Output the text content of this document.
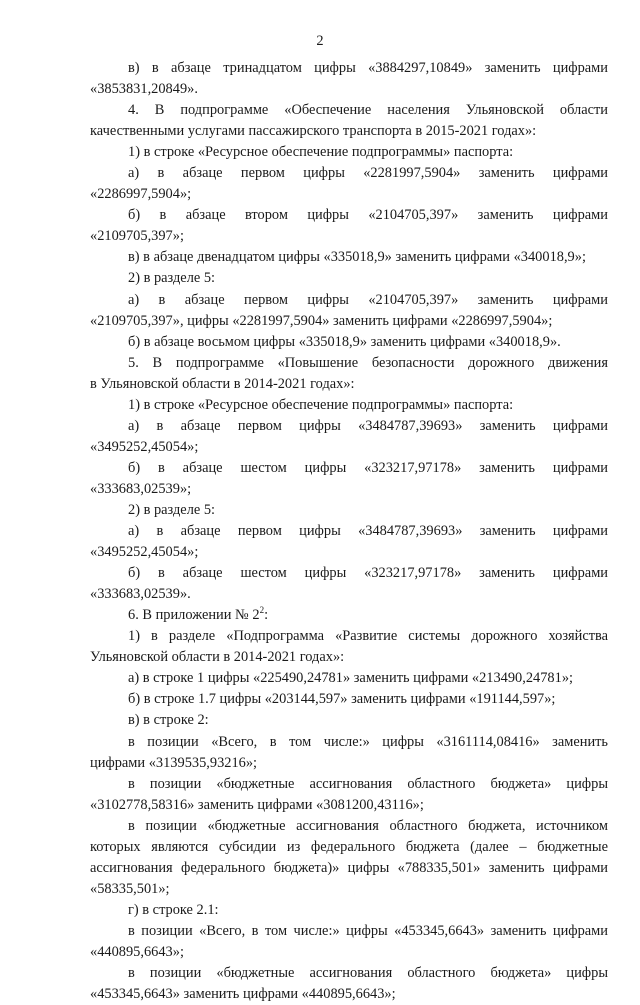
2
в) в абзаце тринадцатом цифры «3884297,10849» заменить цифрами
«3853831,20849».
4. В подпрограмме «Обеспечение населения Ульяновской области
качественными услугами пассажирского транспорта в 2015-2021 годах»:
1) в строке «Ресурсное обеспечение подпрограммы» паспорта:
а) в абзаце первом цифры «2281997,5904» заменить цифрами
«2286997,5904»;
б) в абзаце втором цифры «2104705,397» заменить цифрами
«2109705,397»;
в) в абзаце двенадцатом цифры «335018,9» заменить цифрами «340018,9»;
2) в разделе 5:
а) в абзаце первом цифры «2104705,397» заменить цифрами
«2109705,397», цифры «2281997,5904» заменить цифрами «2286997,5904»;
б) в абзаце восьмом цифры «335018,9» заменить цифрами «340018,9».
5. В подпрограмме «Повышение безопасности дорожного движения
в Ульяновской области в 2014-2021 годах»:
1) в строке «Ресурсное обеспечение подпрограммы» паспорта:
а) в абзаце первом цифры «3484787,39693» заменить цифрами
«3495252,45054»;
б) в абзаце шестом цифры «323217,97178» заменить цифрами
«333683,02539»;
2) в разделе 5:
а) в абзаце первом цифры «3484787,39693» заменить цифрами
«3495252,45054»;
б) в абзаце шестом цифры «323217,97178» заменить цифрами
«333683,02539».
6. В приложении № $2^2$:
1) в разделе «Подпрограмма «Развитие системы дорожного хозяйства
Ульяновской области в 2014-2021 годах»:
а) в строке 1 цифры «225490,24781» заменить цифрами «213490,24781»;
б) в строке 1.7 цифры «203144,597» заменить цифрами «191144,597»;
в) в строке 2:
в позиции «Всего, в том числе:» цифры «3161114,08416» заменить
цифрами «3139535,93216»;
в позиции «бюджетные ассигнования областного бюджета» цифры
«3102778,58316» заменить цифрами «3081200,43116»;
в позиции «бюджетные ассигнования областного бюджета, источником
которых являются субсидии из федерального бюджета (далее – бюджетные
ассигнования федерального бюджета)» цифры «788335,501» заменить цифрами
«58335,501»;
г) в строке 2.1:
в позиции «Всего, в том числе:» цифры «453345,6643» заменить цифрами
«440895,6643»;
в позиции «бюджетные ассигнования областного бюджета» цифры
«453345,6643» заменить цифрами «440895,6643»;
